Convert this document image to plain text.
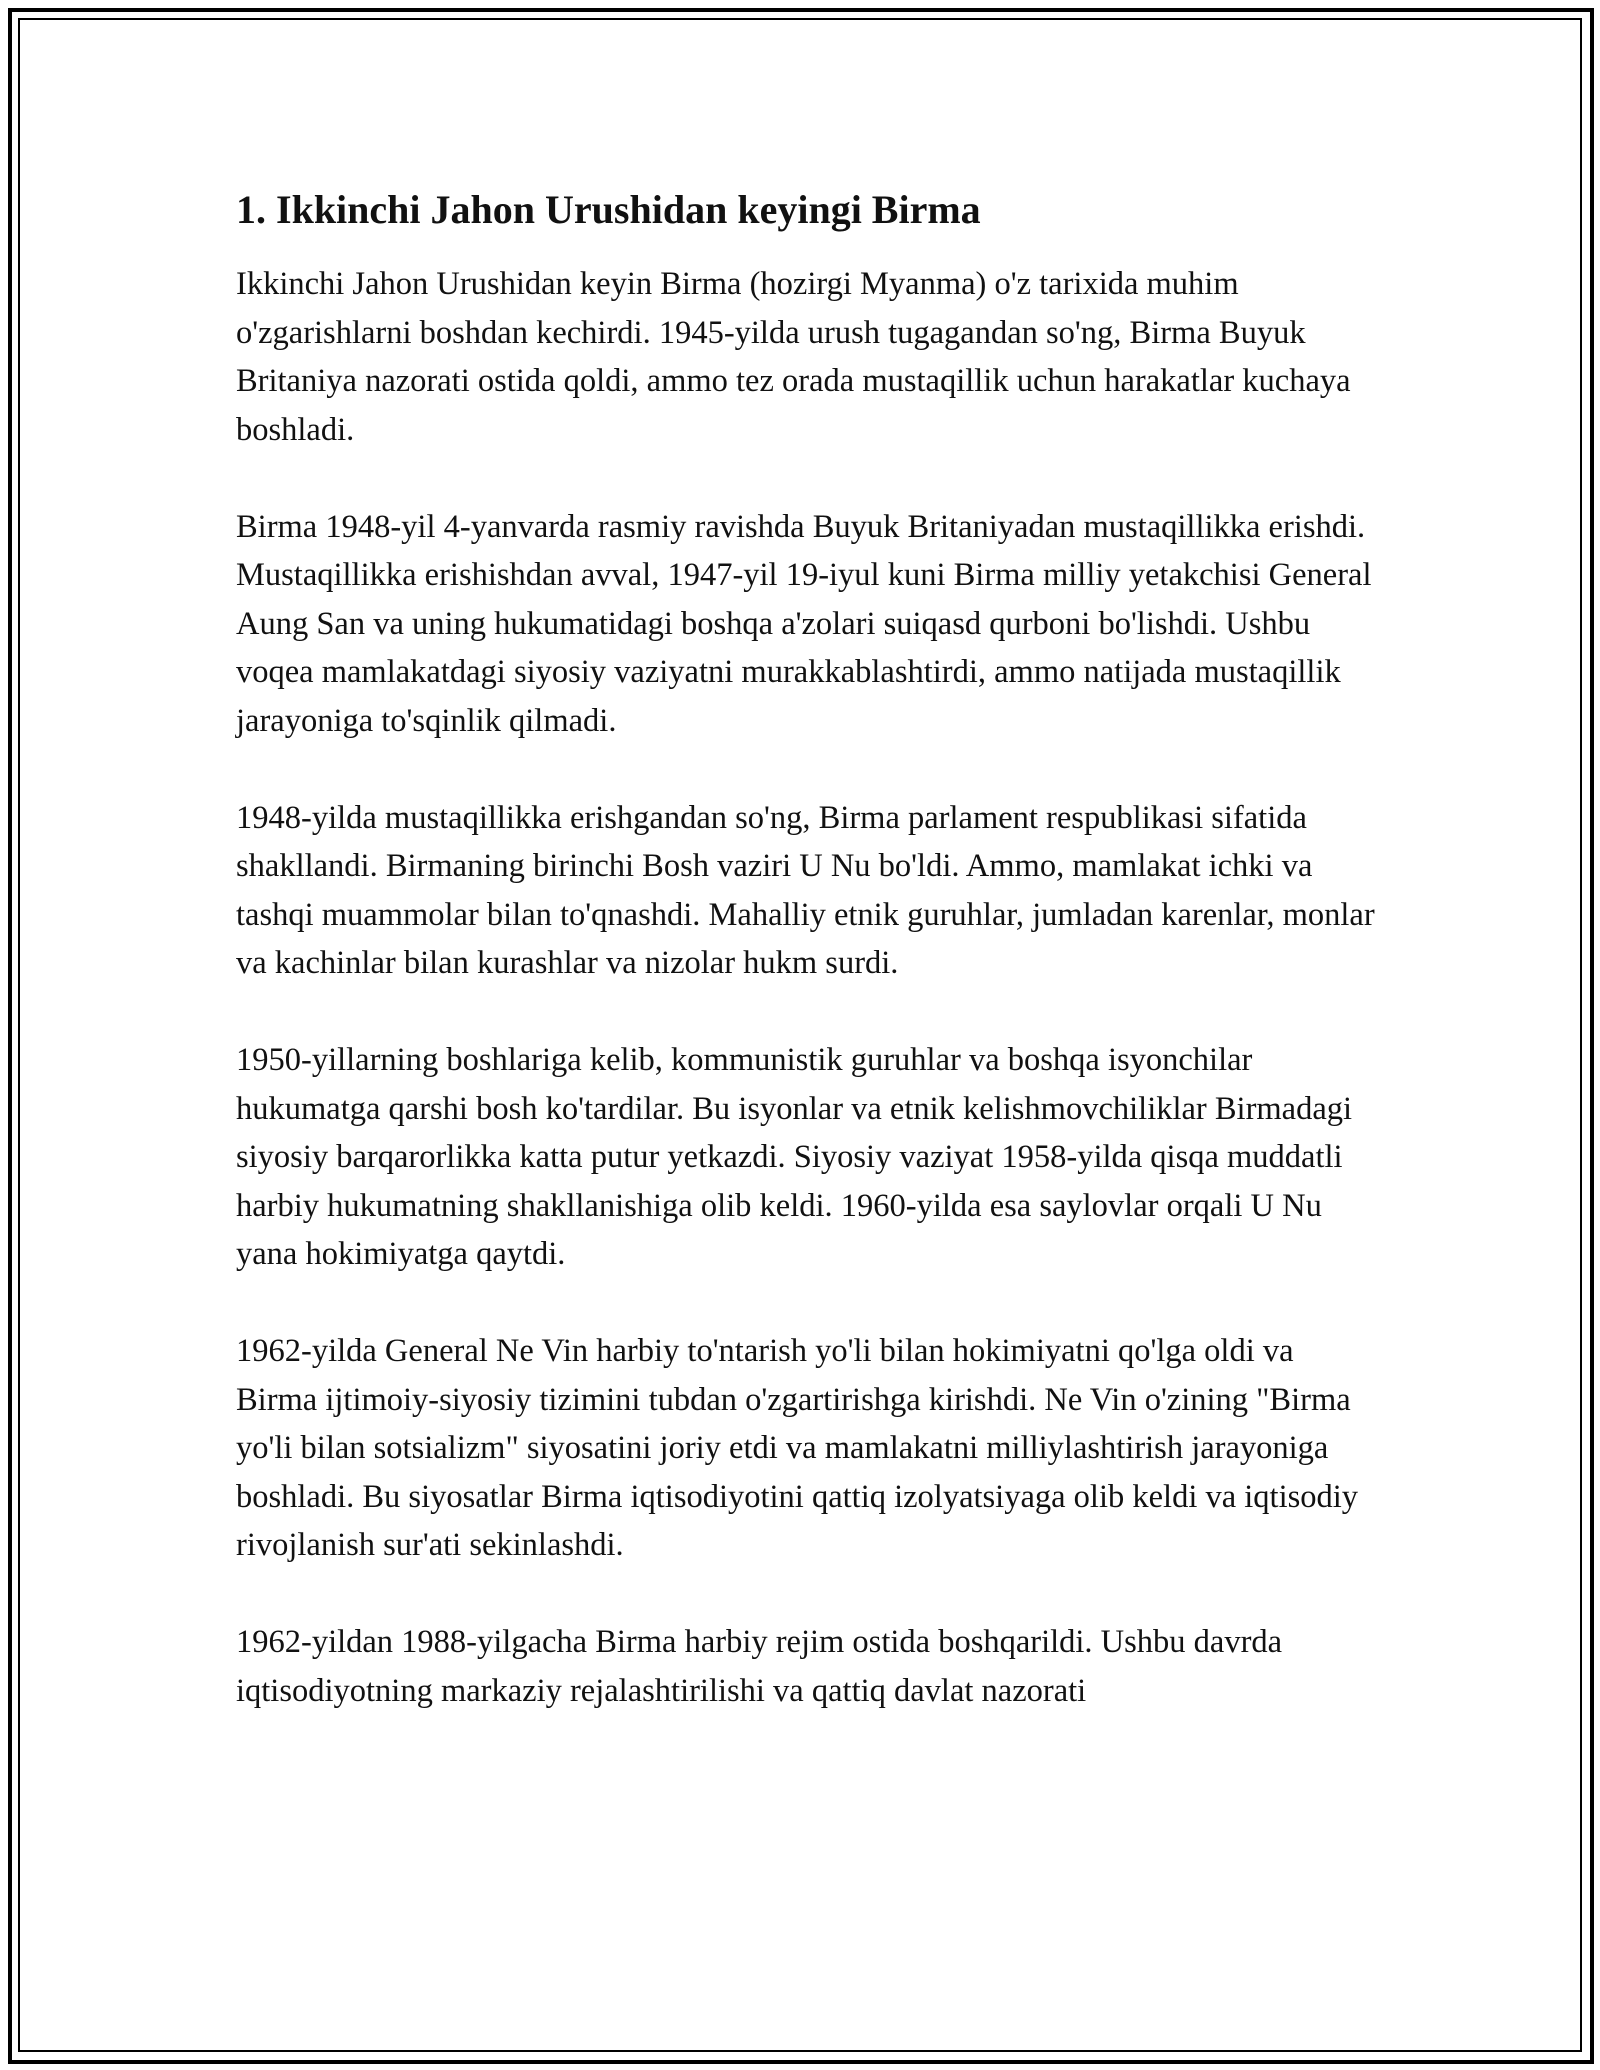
1. Ikkinchi Jahon Urushidan keyingi Birma

Ikkinchi Jahon Urushidan keyin Birma (hozirgi Myanma) o'z tarixida muhim o'zgarishlarni boshdan kechirdi. 1945-yilda urush tugagandan so'ng, Birma Buyuk Britaniya nazorati ostida qoldi, ammo tez orada mustaqillik uchun harakatlar kuchaya boshladi.

Birma 1948-yil 4-yanvarda rasmiy ravishda Buyuk Britaniyadan mustaqillikka erishdi. Mustaqillikka erishishdan avval, 1947-yil 19-iyul kuni Birma milliy yetakchisi General Aung San va uning hukumatidagi boshqa a'zolari suiqasd qurboni bo'lishdi. Ushbu voqea mamlakatdagi siyosiy vaziyatni murakkablashtirdi, ammo natijada mustaqillik jarayoniga to'sqinlik qilmadi.

1948-yilda mustaqillikka erishgandan so'ng, Birma parlament respublikasi sifatida shakllandi. Birmaning birinchi Bosh vaziri U Nu bo'ldi. Ammo, mamlakat ichki va tashqi muammolar bilan to'qnashdi. Mahalliy etnik guruhlar, jumladan karenlar, monlar va kachinlar bilan kurashlar va nizolar hukm surdi.

1950-yillarning boshlariga kelib, kommunistik guruhlar va boshqa isyonchilar hukumatga qarshi bosh ko'tardilar. Bu isyonlar va etnik kelishmovchiliklar Birmadagi siyosiy barqarorlikka katta putur yetkazdi. Siyosiy vaziyat 1958-yilda qisqa muddatli harbiy hukumatning shakllanishiga olib keldi. 1960-yilda esa saylovlar orqali U Nu yana hokimiyatga qaytdi.

1962-yilda General Ne Vin harbiy to'ntarish yo'li bilan hokimiyatni qo'lga oldi va Birma ijtimoiy-siyosiy tizimini tubdan o'zgartirishga kirishdi. Ne Vin o'zining "Birma yo'li bilan sotsializm" siyosatini joriy etdi va mamlakatni milliylashtirish jarayoniga boshladi. Bu siyosatlar Birma iqtisodiyotini qattiq izolyatsiyaga olib keldi va iqtisodiy rivojlanish sur'ati sekinlashdi.

1962-yildan 1988-yilgacha Birma harbiy rejim ostida boshqarildi. Ushbu davrda iqtisodiyotning markaziy rejalashtirilishi va qattiq davlat nazorati
